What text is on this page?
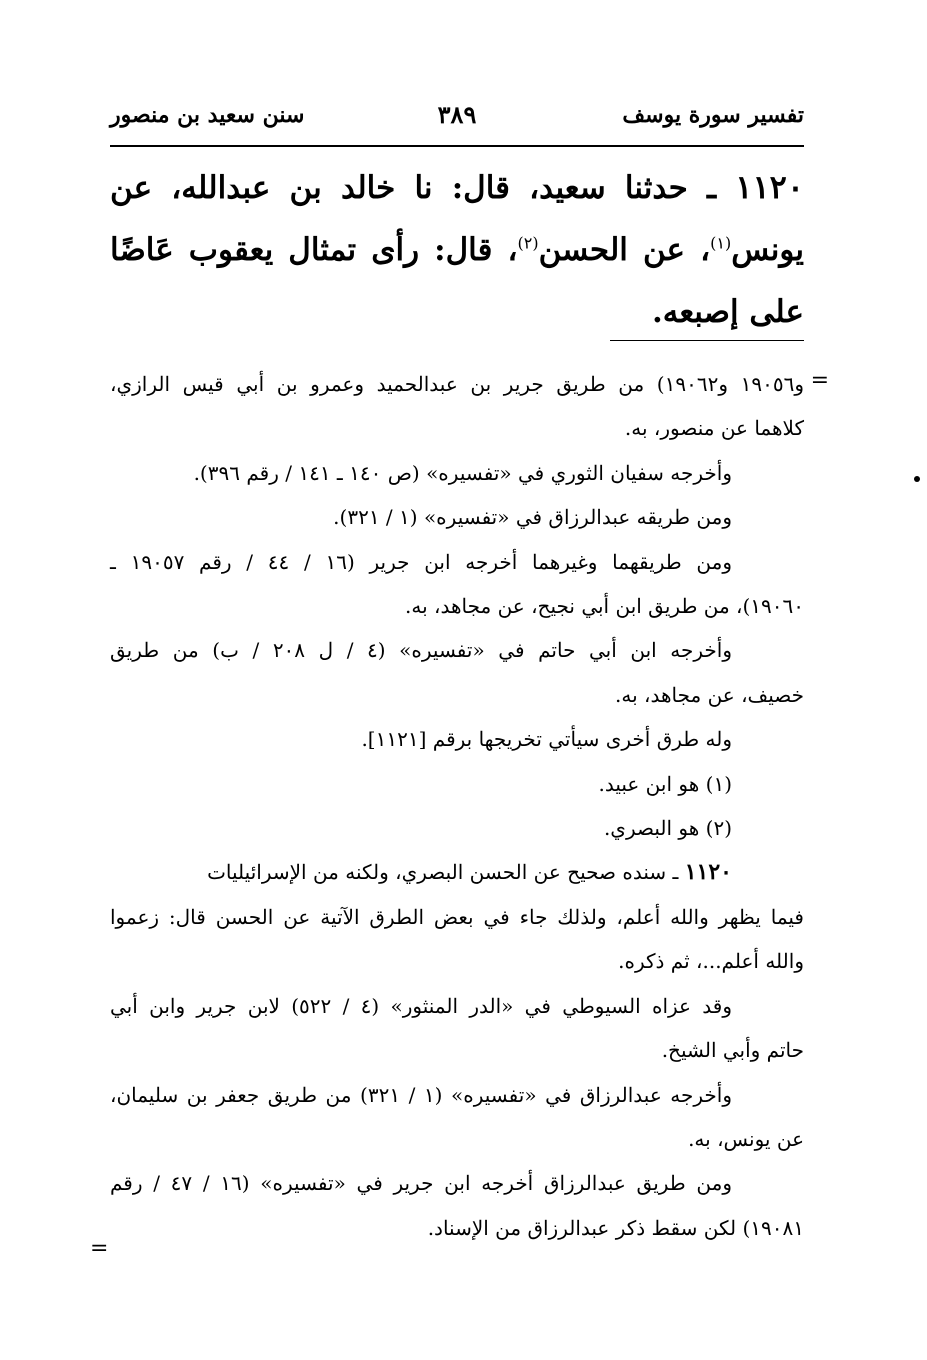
تفسير سورة يوسف
٣٨٩
سنن سعيد بن منصور

١١٢٠ ـ حدثنا سعيد، قال: نا خالد بن عبدالله، عن يونس$^{(١)}$، عن الحسن$^{(٢)}$، قال: رأى تمثال يعقوب عَاضًا على إصبعه.

=

و١٩٠٥٦ و١٩٠٦٢) من طريق جرير بن عبدالحميد وعمرو بن أبي قيس الرازي،

كلاهما عن منصور، به.

وأخرجه سفيان الثوري في «تفسيره» (ص ١٤٠ ـ ١٤١ / رقم ٣٩٦).

ومن طريقه عبدالرزاق في «تفسيره» (١ / ٣٢١).

ومن طريقهما وغيرهما أخرجه ابن جرير (١٦ / ٤٤ / رقم ١٩٠٥٧ ـ

١٩٠٦٠)، من طريق ابن أبي نجيح، عن مجاهد، به.

وأخرجه ابن أبي حاتم في «تفسيره» (٤ / ل ٢٠٨ / ب) من طريق

خصيف، عن مجاهد، به.

وله طرق أخرى سيأتي تخريجها برقم [١١٢١].

(١) هو ابن عبيد.

(٢) هو البصري.

١١٢٠ ـ سنده صحيح عن الحسن البصري، ولكنه من الإسرائيليات

فيما يظهر والله أعلم، ولذلك جاء في بعض الطرق الآتية عن الحسن قال: زعموا

والله أعلم...، ثم ذكره.

وقد عزاه السيوطي في «الدر المنثور» (٤ / ٥٢٢) لابن جرير وابن أبي

حاتم وأبي الشيخ.

وأخرجه عبدالرزاق في «تفسيره» (١ / ٣٢١) من طريق جعفر بن سليمان،

عن يونس، به.

ومن طريق عبدالرزاق أخرجه ابن جرير في «تفسيره» (١٦ / ٤٧ / رقم

١٩٠٨١) لكن سقط ذكر عبدالرزاق من الإسناد.

=
